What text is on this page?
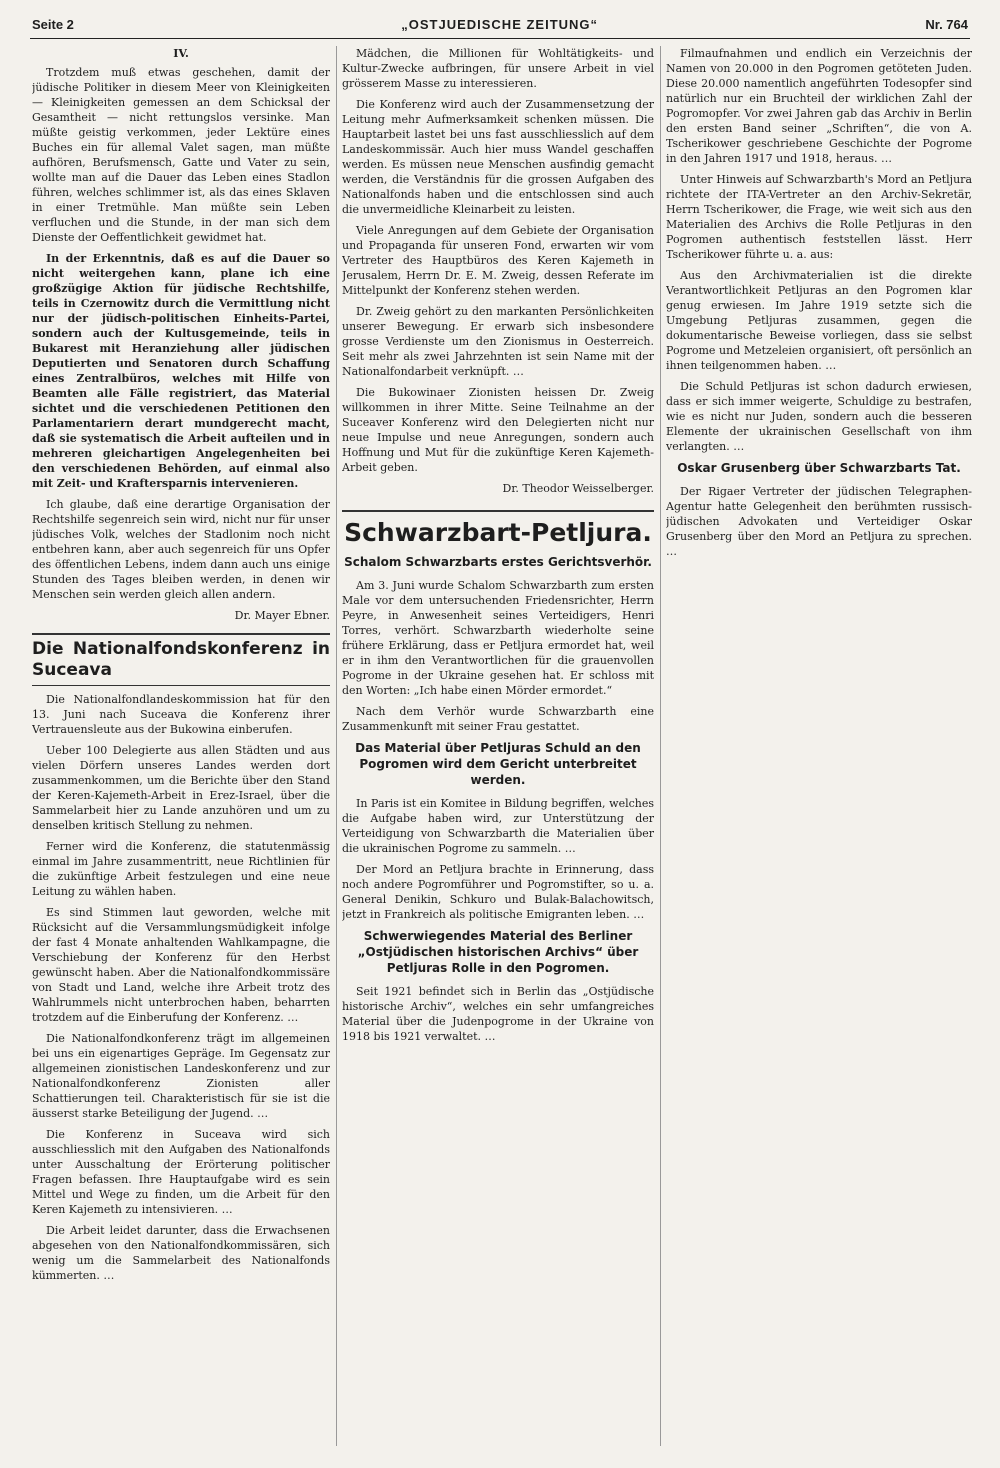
Seite 2	„OSTJUEDISCHE ZEITUNG“	Nr. 764

IV.

Trotzdem muß etwas geschehen, damit der jüdische Politiker in diesem Meer von Kleinigkeiten — Kleinigkeiten gemessen an dem Schicksal der Gesamtheit — nicht rettungslos versinke. Man müßte geistig verkommen, jeder Lektüre eines Buches ein für allemal Valet sagen, man müßte aufhören, Berufsmensch, Gatte und Vater zu sein, wollte man auf die Dauer das Leben eines Stadlon führen, welches schlimmer ist, als das eines Sklaven in einer Tretmühle. Man müßte sein Leben verfluchen und die Stunde, in der man sich dem Dienste der Oeffentlichkeit gewidmet hat.

In der Erkenntnis, daß es auf die Dauer so nicht weitergehen kann, plane ich eine großzügige Aktion für jüdische Rechtshilfe, teils in Czernowitz durch die Vermittlung nicht nur der jüdisch-politischen Einheits-Partei, sondern auch der Kultusgemeinde, teils in Bukarest mit Heranziehung aller jüdischen Deputierten und Senatoren durch Schaffung eines Zentralbüros, welches mit Hilfe von Beamten alle Fälle registriert, das Material sichtet und die verschiedenen Petitionen den Parlamentariern derart mundgerecht macht, daß sie systematisch die Arbeit aufteilen und in mehreren gleichartigen Angelegenheiten bei den verschiedenen Behörden, auf einmal also mit Zeit- und Kraftersparnis intervenieren.

Ich glaube, daß eine derartige Organisation der Rechtshilfe segenreich sein wird, nicht nur für unser jüdisches Volk, welches der Stadlonim noch nicht entbehren kann, aber auch segenreich für uns Opfer des öffentlichen Lebens, indem dann auch uns einige Stunden des Tages bleiben werden, in denen wir Menschen sein werden gleich allen andern.

Dr. Mayer Ebner.

Die Nationalfondskonferenz in Suceava

Die Nationalfondlandeskommission hat für den 13. Juni nach Suceava die Konferenz ihrer Vertrauensleute aus der Bukowina einberufen.

Ueber 100 Delegierte aus allen Städten und aus vielen Dörfern unseres Landes werden dort zusammenkommen, um die Berichte über den Stand der Keren-Kajemeth-Arbeit in Erez-Israel, über die Sammelarbeit hier zu Lande anzuhören und um zu denselben kritisch Stellung zu nehmen.

Ferner wird die Konferenz, die statutenmässig einmal im Jahre zusammentritt, neue Richtlinien für die zukünftige Arbeit festzulegen und eine neue Leitung zu wählen haben.

Es sind Stimmen laut geworden, welche mit Rücksicht auf die Versammlungsmüdigkeit infolge der fast 4 Monate anhaltenden Wahlkampagne, die Verschiebung der Konferenz für den Herbst gewünscht haben. Aber die Nationalfondkommissäre von Stadt und Land, welche ihre Arbeit trotz des Wahlrummels nicht unterbrochen haben, beharrten trotzdem auf die Einberufung der Konferenz. …

Die Nationalfondkonferenz trägt im allgemeinen bei uns ein eigenartiges Gepräge. Im Gegensatz zur allgemeinen zionistischen Landeskonferenz und zur Nationalfondkonferenz Zionisten aller Schattierungen teil. Charakteristisch für sie ist die äusserst starke Beteiligung der Jugend. …

Die Konferenz in Suceava wird sich ausschliesslich mit den Aufgaben des Nationalfonds unter Ausschaltung der Erörterung politischer Fragen befassen. Ihre Hauptaufgabe wird es sein Mittel und Wege zu finden, um die Arbeit für den Keren Kajemeth zu intensivieren. …

Die Arbeit leidet darunter, dass die Erwachsenen abgesehen von den Nationalfondkommissären, sich wenig um die Sammelarbeit des Nationalfonds kümmerten. …

Mädchen, die Millionen für Wohltätigkeits- und Kultur-Zwecke aufbringen, für unsere Arbeit in viel grösserem Masse zu interessieren.

Die Konferenz wird auch der Zusammensetzung der Leitung mehr Aufmerksamkeit schenken müssen. Die Hauptarbeit lastet bei uns fast ausschliesslich auf dem Landeskommissär. Auch hier muss Wandel geschaffen werden. Es müssen neue Menschen ausfindig gemacht werden, die Verständnis für die grossen Aufgaben des Nationalfonds haben und die entschlossen sind auch die unvermeidliche Kleinarbeit zu leisten.

Viele Anregungen auf dem Gebiete der Organisation und Propaganda für unseren Fond, erwarten wir vom Vertreter des Hauptbüros des Keren Kajemeth in Jerusalem, Herrn Dr. E. M. Zweig, dessen Referate im Mittelpunkt der Konferenz stehen werden.

Dr. Zweig gehört zu den markanten Persönlichkeiten unserer Bewegung. Er erwarb sich insbesondere grosse Verdienste um den Zionismus in Oesterreich. Seit mehr als zwei Jahrzehnten ist sein Name mit der Nationalfondarbeit verknüpft. …

Die Bukowinaer Zionisten heissen Dr. Zweig willkommen in ihrer Mitte. Seine Teilnahme an der Suceaver Konferenz wird den Delegierten nicht nur neue Impulse und neue Anregungen, sondern auch Hoffnung und Mut für die zukünftige Keren Kajemeth-Arbeit geben.

Dr. Theodor Weisselberger.

Schwarzbart-Petljura.
Schalom Schwarzbarts erstes Gerichtsverhör.

Am 3. Juni wurde Schalom Schwarzbarth zum ersten Male vor dem untersuchenden Friedensrichter, Herrn Peyre, in Anwesenheit seines Verteidigers, Henri Torres, verhört. Schwarzbarth wiederholte seine frühere Erklärung, dass er Petljura ermordet hat, weil er in ihm den Verantwortlichen für die grauenvollen Pogrome in der Ukraine gesehen hat. Er schloss mit den Worten: „Ich habe einen Mörder ermordet.“

Nach dem Verhör wurde Schwarzbarth eine Zusammenkunft mit seiner Frau gestattet.

Das Material über Petljuras Schuld an den Pogromen wird dem Gericht unterbreitet werden.

In Paris ist ein Komitee in Bildung begriffen, welches die Aufgabe haben wird, zur Unterstützung der Verteidigung von Schwarzbarth die Materialien über die ukrainischen Pogrome zu sammeln. …

Der Mord an Petljura brachte in Erinnerung, dass noch andere Pogromführer und Pogromstifter, so u. a. General Denikin, Schkuro und Bulak-Balachowitsch, jetzt in Frankreich als politische Emigranten leben. …

Schwerwiegendes Material des Berliner „Ostjüdischen historischen Archivs“ über Petljuras Rolle in den Pogromen.

Seit 1921 befindet sich in Berlin das „Ostjüdische historische Archiv“, welches ein sehr umfangreiches Material über die Judenpogrome in der Ukraine von 1918 bis 1921 verwaltet. …

Filmaufnahmen und endlich ein Verzeichnis der Namen von 20.000 in den Pogromen getöteten Juden. Diese 20.000 namentlich angeführten Todesopfer sind natürlich nur ein Bruchteil der wirklichen Zahl der Pogromopfer. Vor zwei Jahren gab das Archiv in Berlin den ersten Band seiner „Schriften“, die von A. Tscherikower geschriebene Geschichte der Pogrome in den Jahren 1917 und 1918, heraus. …

Unter Hinweis auf Schwarzbarth's Mord an Petljura richtete der ITA-Vertreter an den Archiv-Sekretär, Herrn Tscherikower, die Frage, wie weit sich aus den Materialien des Archivs die Rolle Petljuras in den Pogromen authentisch feststellen lässt. Herr Tscherikower führte u. a. aus:

Aus den Archivmaterialien ist die direkte Verantwortlichkeit Petljuras an den Pogromen klar genug erwiesen. Im Jahre 1919 setzte sich die Umgebung Petljuras zusammen, gegen die dokumentarische Beweise vorliegen, dass sie selbst Pogrome und Metzeleien organisiert, oft persönlich an ihnen teilgenommen haben. …

Die Schuld Petljuras ist schon dadurch erwiesen, dass er sich immer weigerte, Schuldige zu bestrafen, wie es nicht nur Juden, sondern auch die besseren Elemente der ukrainischen Gesellschaft von ihm verlangten. …

Oskar Grusenberg über Schwarzbarts Tat.

Der Rigaer Vertreter der jüdischen Telegraphen-Agentur hatte Gelegenheit den berühmten russisch-jüdischen Advokaten und Verteidiger Oskar Grusenberg über den Mord an Petljura zu sprechen. …
